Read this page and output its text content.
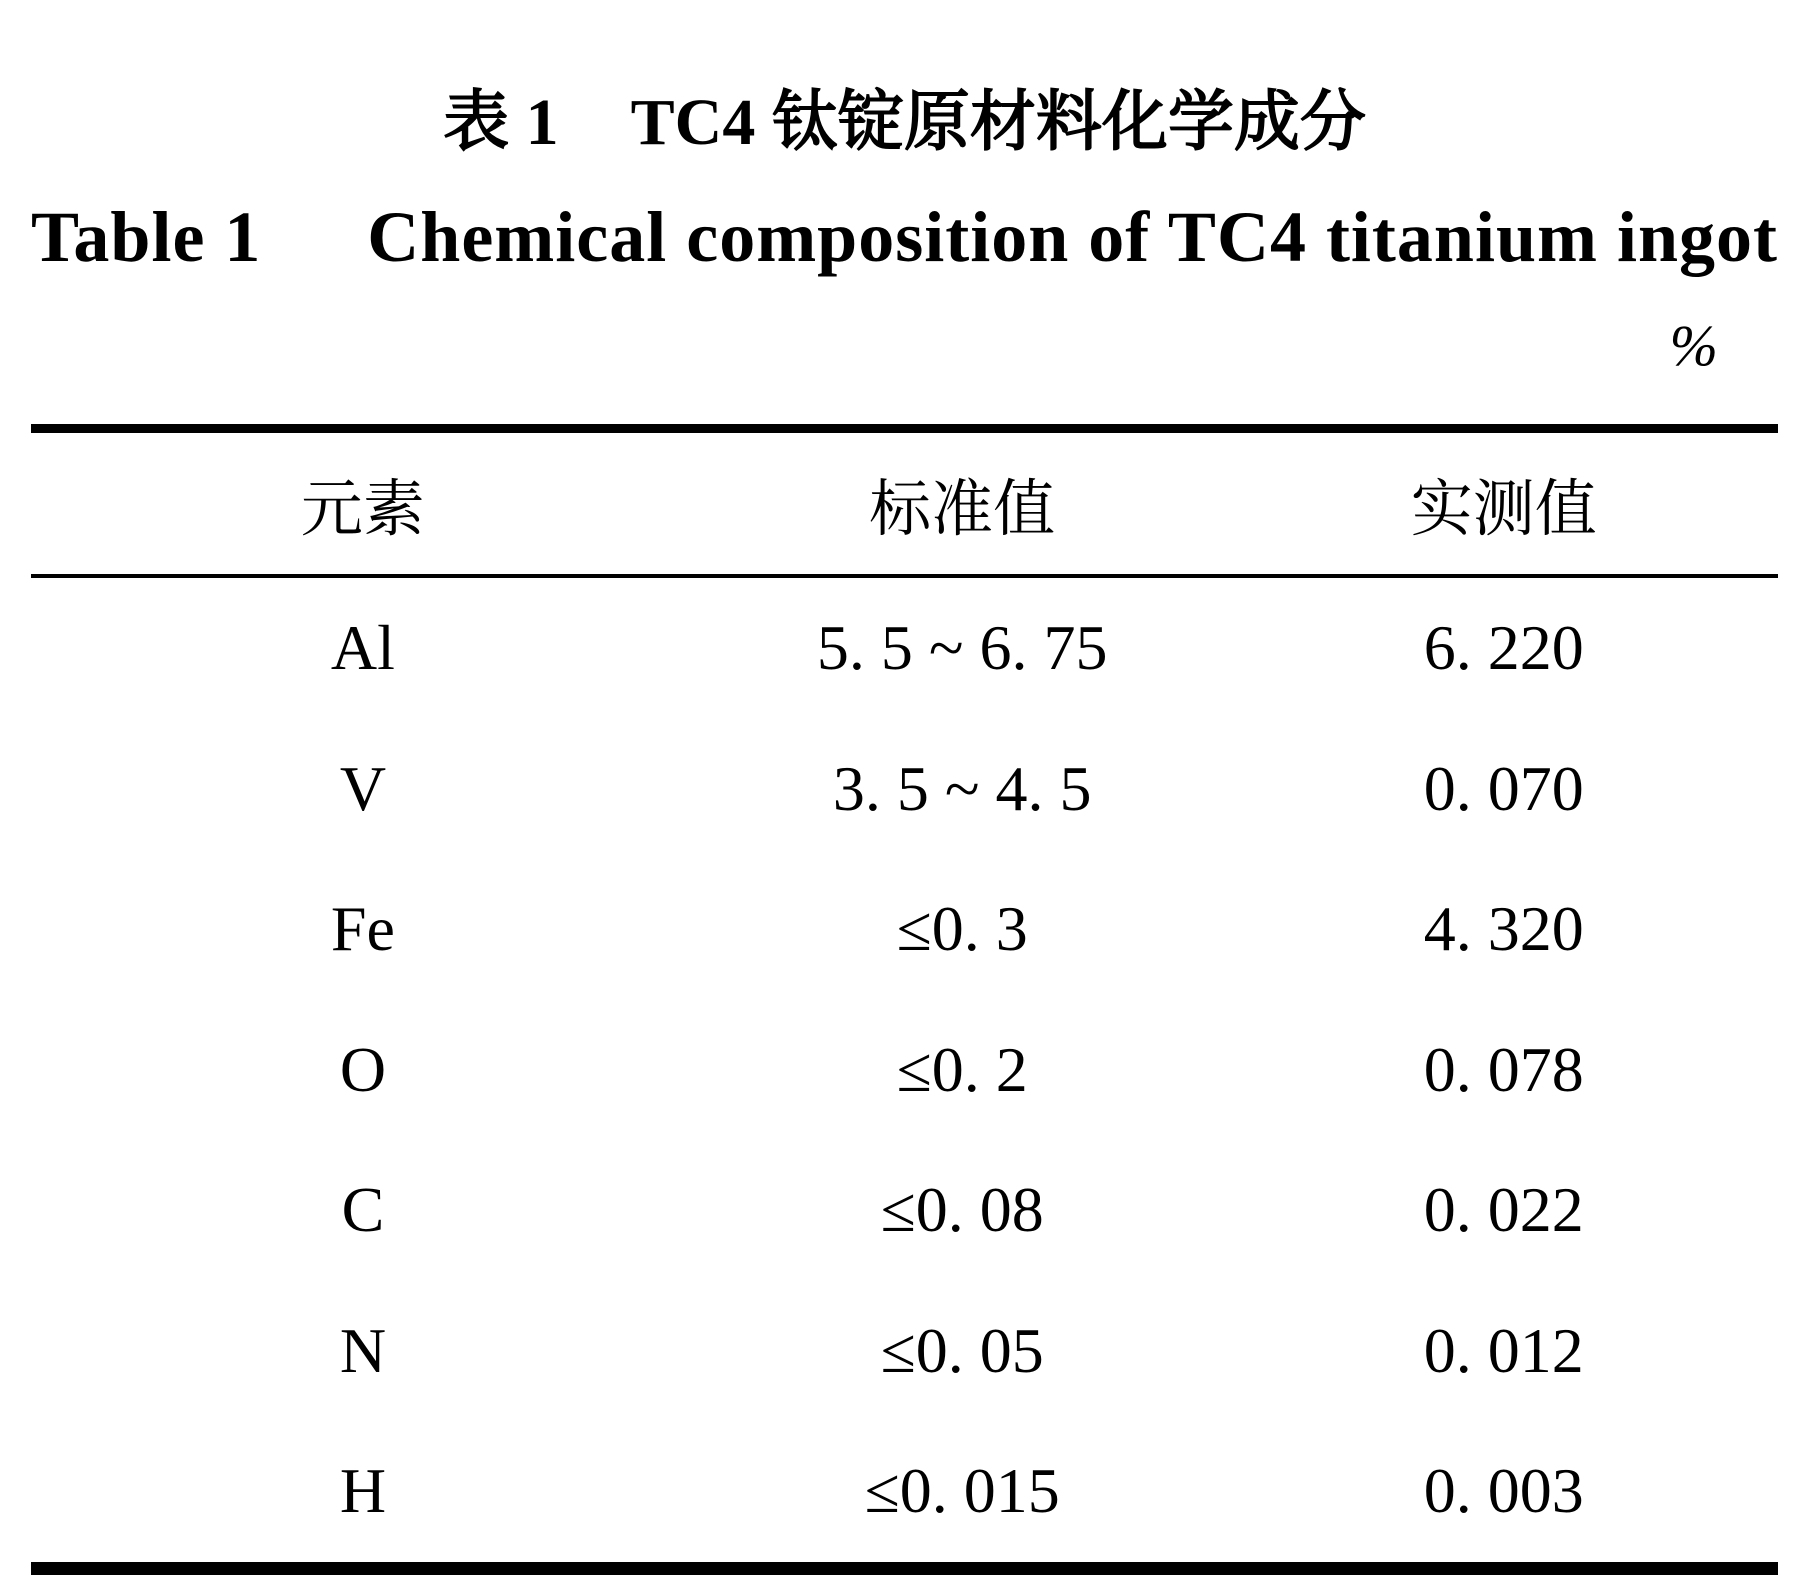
表 1 TC4 钛锭原材料化学成分
Table 1 Chemical composition of TC4 titanium ingot
%
元素	标准值	实测值
Al	5. 5 ~ 6. 75	6. 220
V	3. 5 ~ 4. 5	0. 070
Fe	≤0. 3	4. 320
O	≤0. 2	0. 078
C	≤0. 08	0. 022
N	≤0. 05	0. 012
H	≤0. 015	0. 003
